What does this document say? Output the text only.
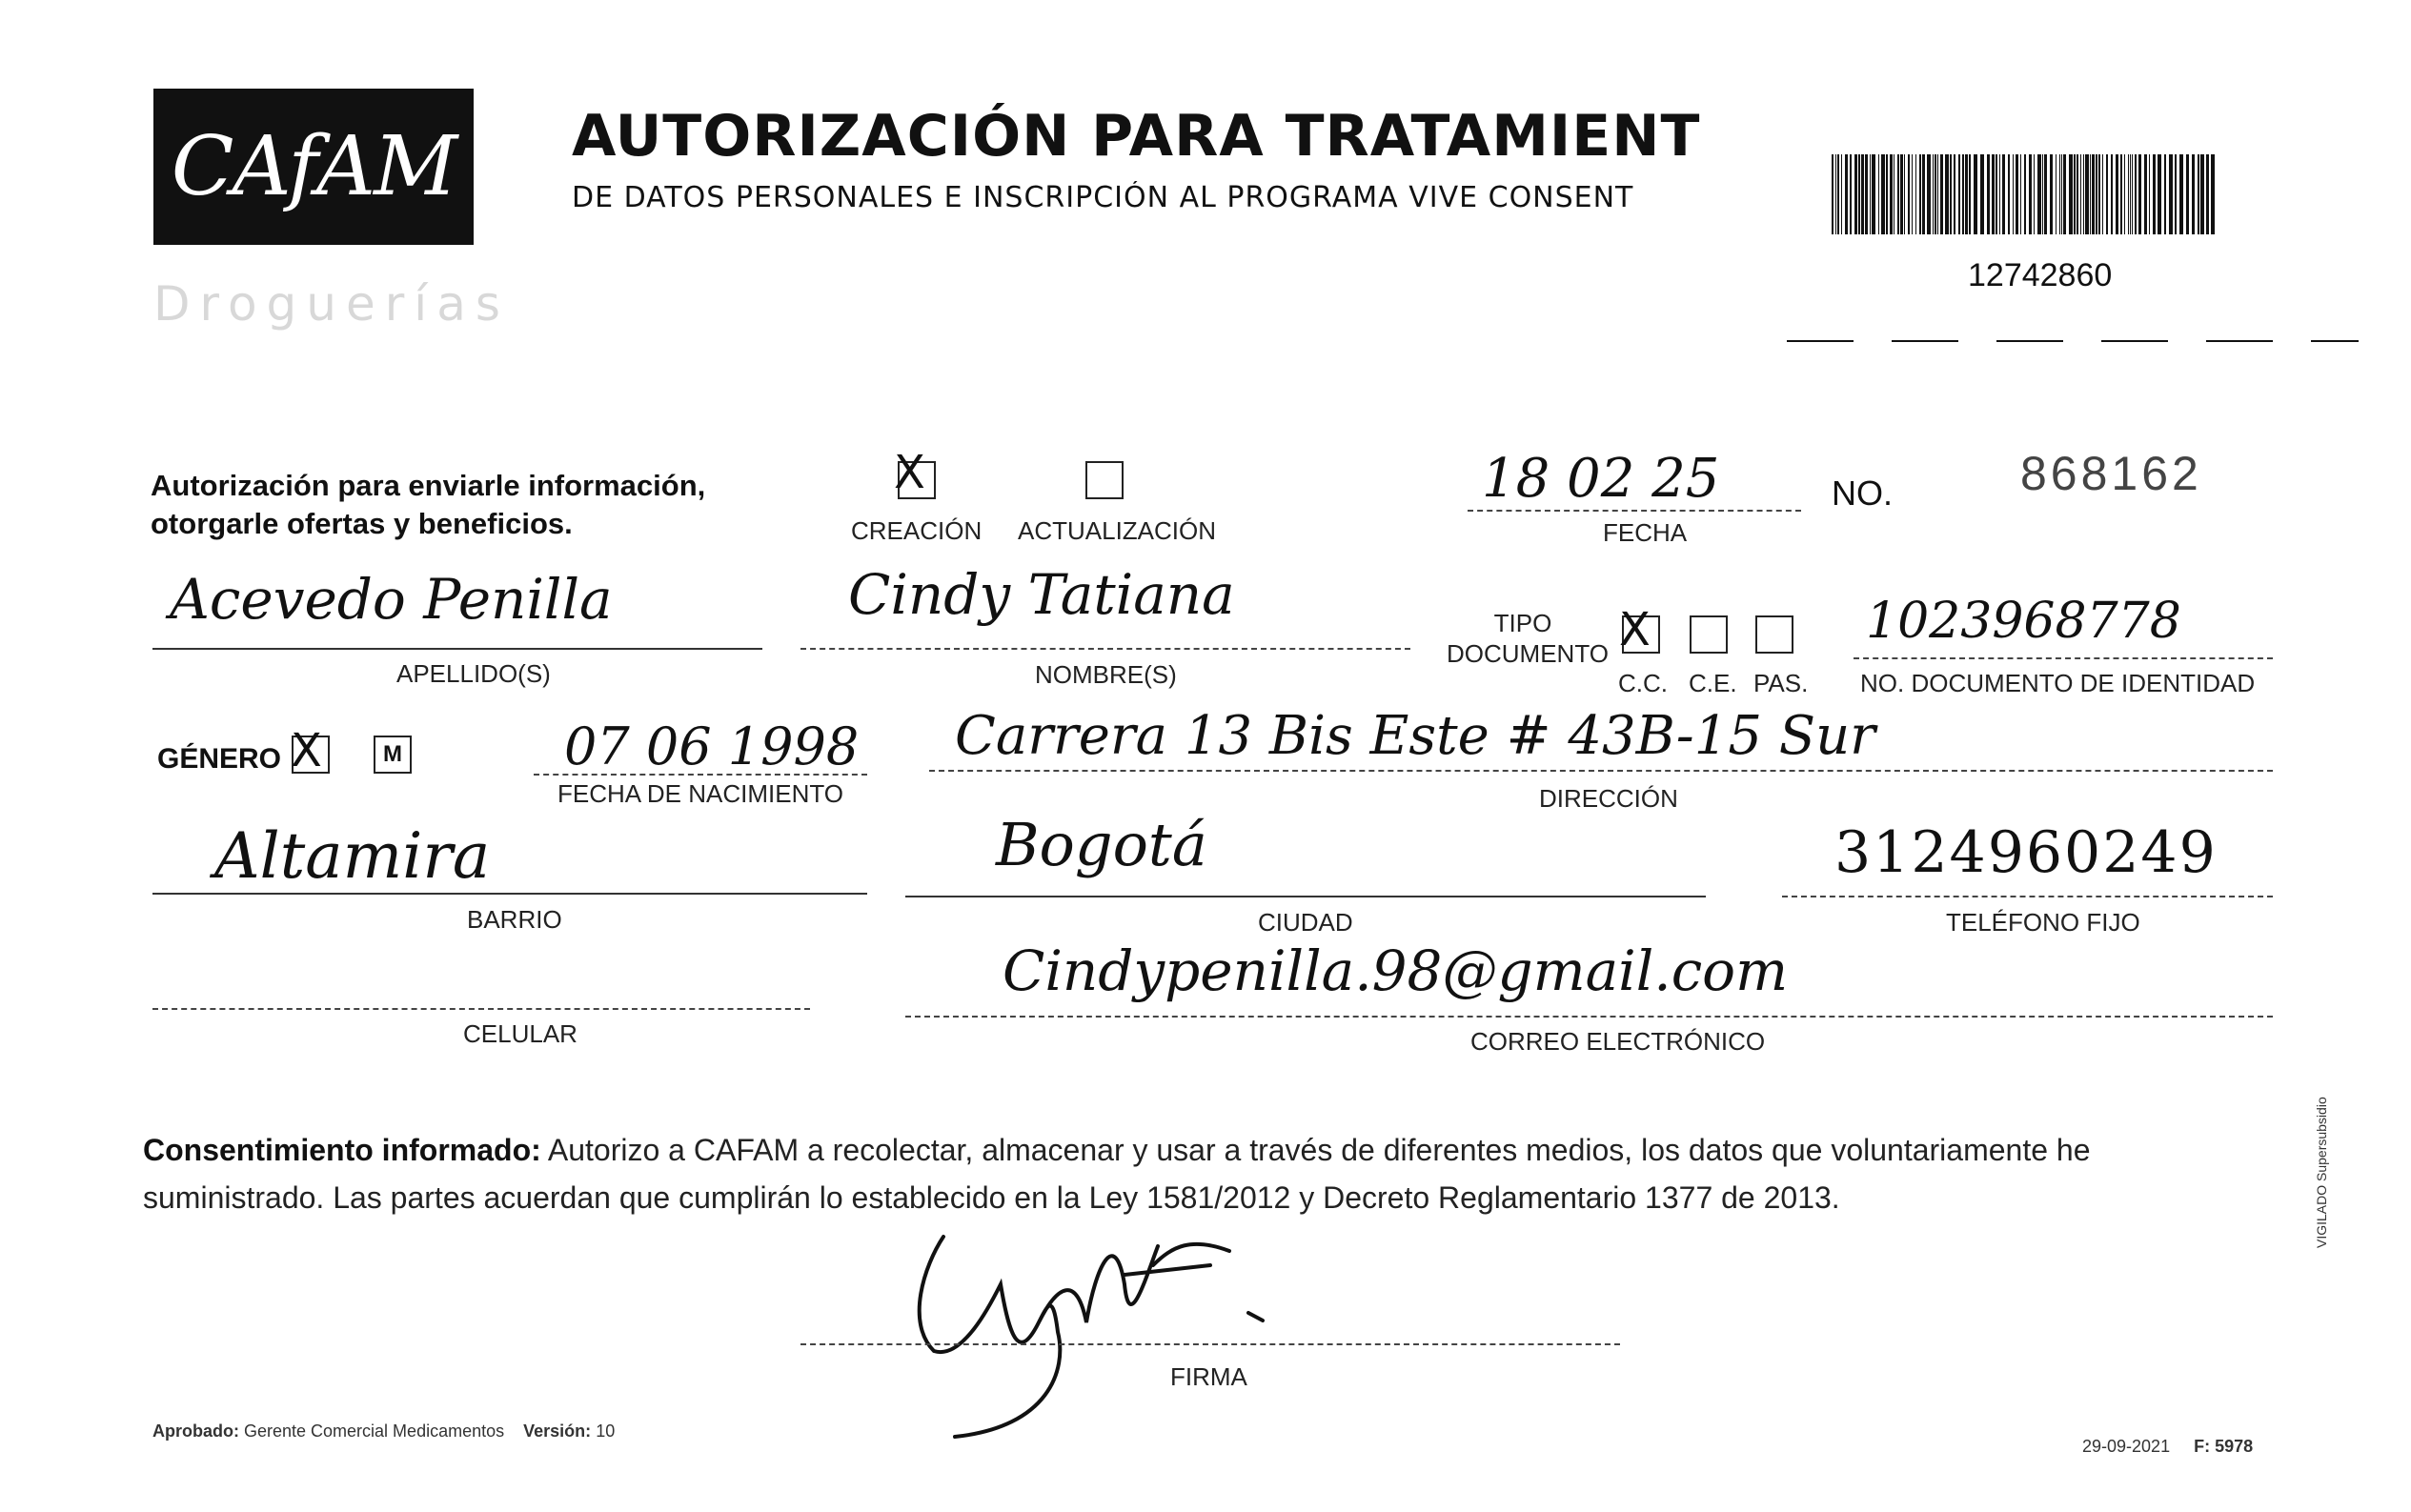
CAfAM
Droguerías
AUTORIZACIÓN PARA TRATAMIENT
DE DATOS PERSONALES E INSCRIPCIÓN AL PROGRAMA VIVE CONSENT
12742860
Autorización para enviarle información, otorgarle ofertas y beneficios.
X
CREACIÓN ACTUALIZACIÓN
18 02 25
FECHA
NO.	868162
Acevedo Penilla
APELLIDO(S)
Cindy Tatiana
NOMBRE(S)
TIPO DOCUMENTO X
C.C. C.E. PAS.
1023968778
NO. DOCUMENTO DE IDENTIDAD
GÉNERO X	M	07 06 1998
FECHA DE NACIMIENTO
Carrera 13 Bis Este # 43B-15 Sur
DIRECCIÓN
Altamira
BARRIO
Bogotá
CIUDAD
3124960249
TELÉFONO FIJO
CELULAR
Cindypenilla.98@gmail.com
CORREO ELECTRÓNICO
Consentimiento informado: Autorizo a CAFAM a recolectar, almacenar y usar a través de diferentes medios, los datos que voluntariamente he suministrado. Las partes acuerdan que cumplirán lo establecido en la Ley 1581/2012 y Decreto Reglamentario 1377 de 2013.
FIRMA
Aprobado: Gerente Comercial Medicamentos Versión: 10
29-09-2021 F: 5978
VIGILADO Supersubsidio
